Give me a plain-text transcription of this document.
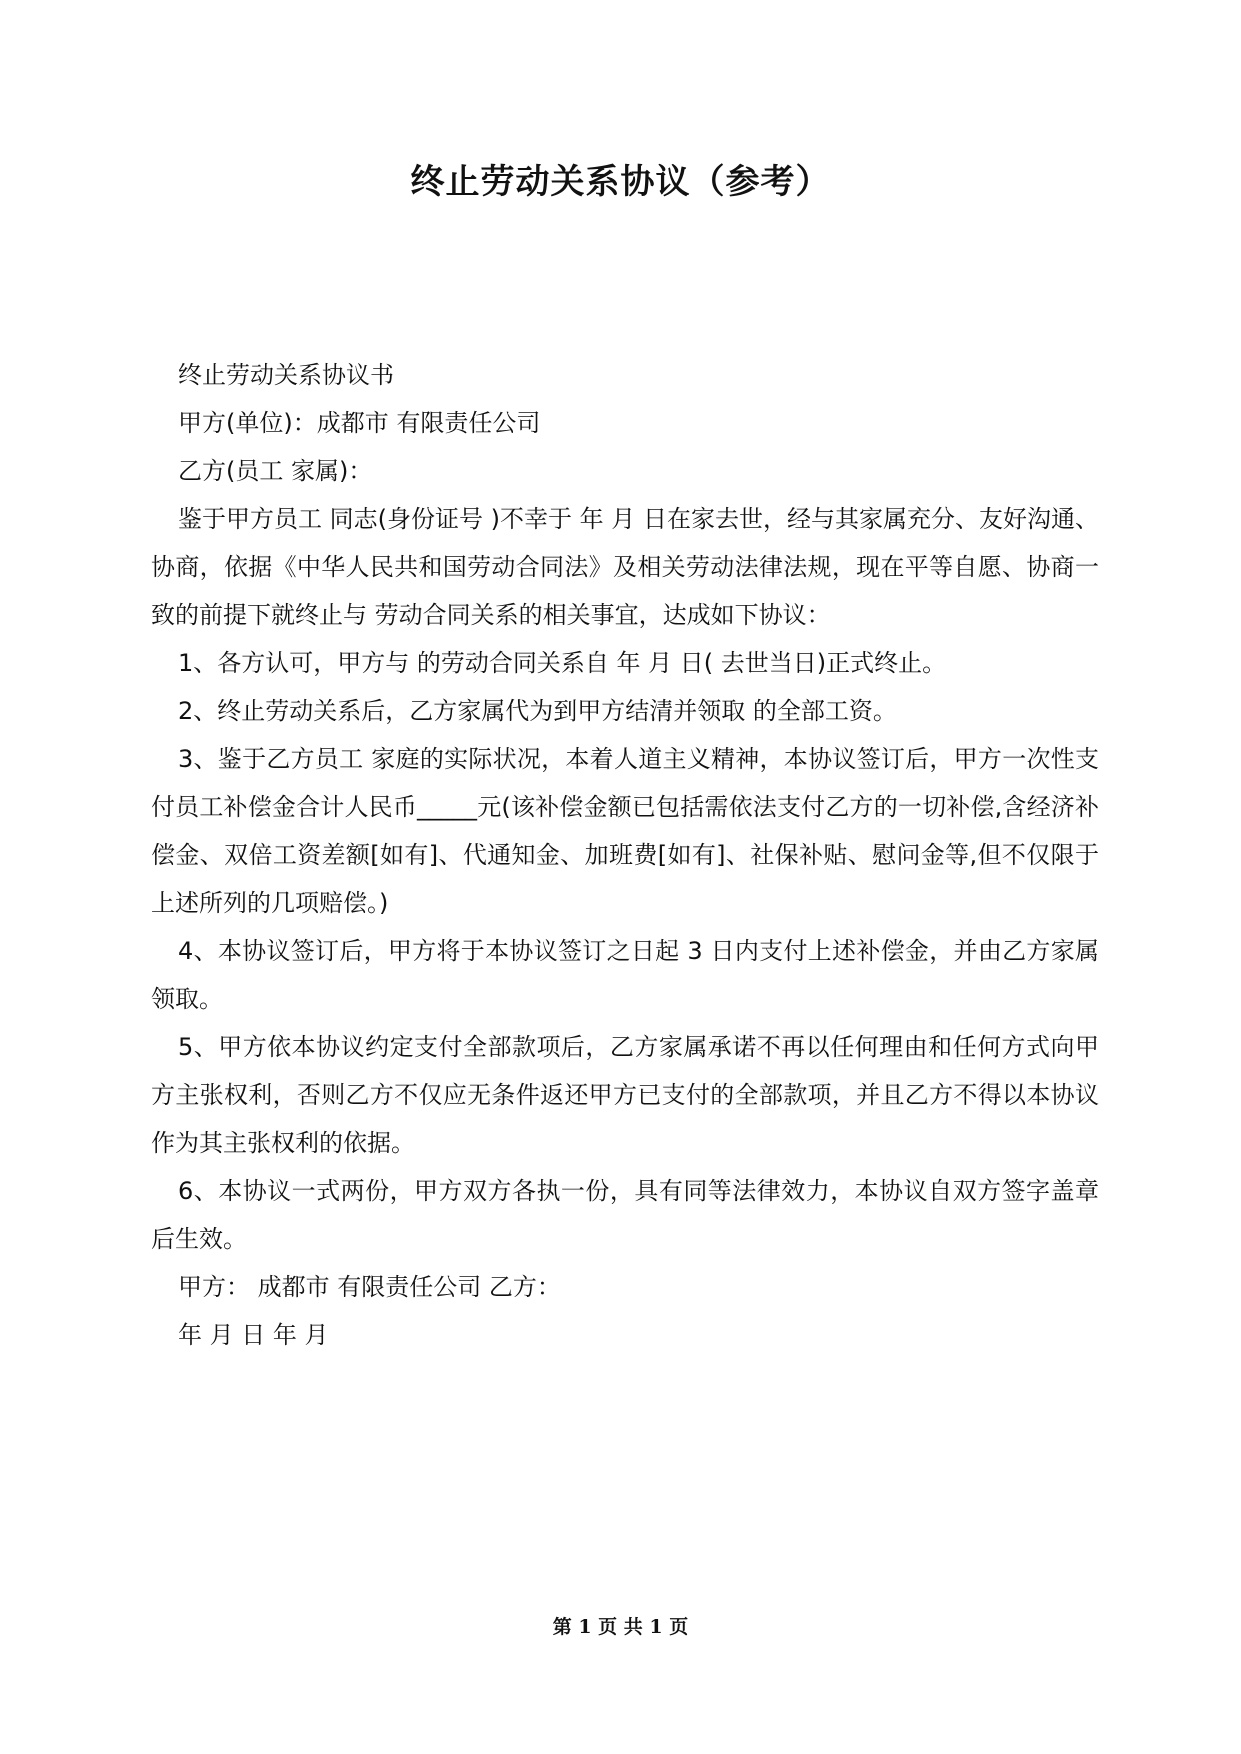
终止劳动关系协议（参考）

终止劳动关系协议书

甲方(单位)：成都市 有限责任公司

乙方(员工 家属)：

鉴于甲方员工 同志(身份证号 )不幸于 年 月 日在家去世，经与其家属充分、友好沟通、协商，依据《中华人民共和国劳动合同法》及相关劳动法律法规，现在平等自愿、协商一致的前提下就终止与 劳动合同关系的相关事宜，达成如下协议：

1、各方认可，甲方与 的劳动合同关系自 年 月 日( 去世当日)正式终止。

2、终止劳动关系后，乙方家属代为到甲方结清并领取 的全部工资。

3、鉴于乙方员工 家庭的实际状况，本着人道主义精神，本协议签订后，甲方一次性支付员工补偿金合计人民币_____元(该补偿金额已包括需依法支付乙方的一切补偿,含经济补偿金、双倍工资差额[如有]、代通知金、加班费[如有]、社保补贴、慰问金等,但不仅限于上述所列的几项赔偿。)

4、本协议签订后，甲方将于本协议签订之日起 3 日内支付上述补偿金，并由乙方家属领取。

5、甲方依本协议约定支付全部款项后，乙方家属承诺不再以任何理由和任何方式向甲方主张权利，否则乙方不仅应无条件返还甲方已支付的全部款项，并且乙方不得以本协议作为其主张权利的依据。

6、本协议一式两份，甲方双方各执一份，具有同等法律效力，本协议自双方签字盖章后生效。

甲方： 成都市 有限责任公司 乙方：

年 月 日 年 月

第 1 页 共 1 页
